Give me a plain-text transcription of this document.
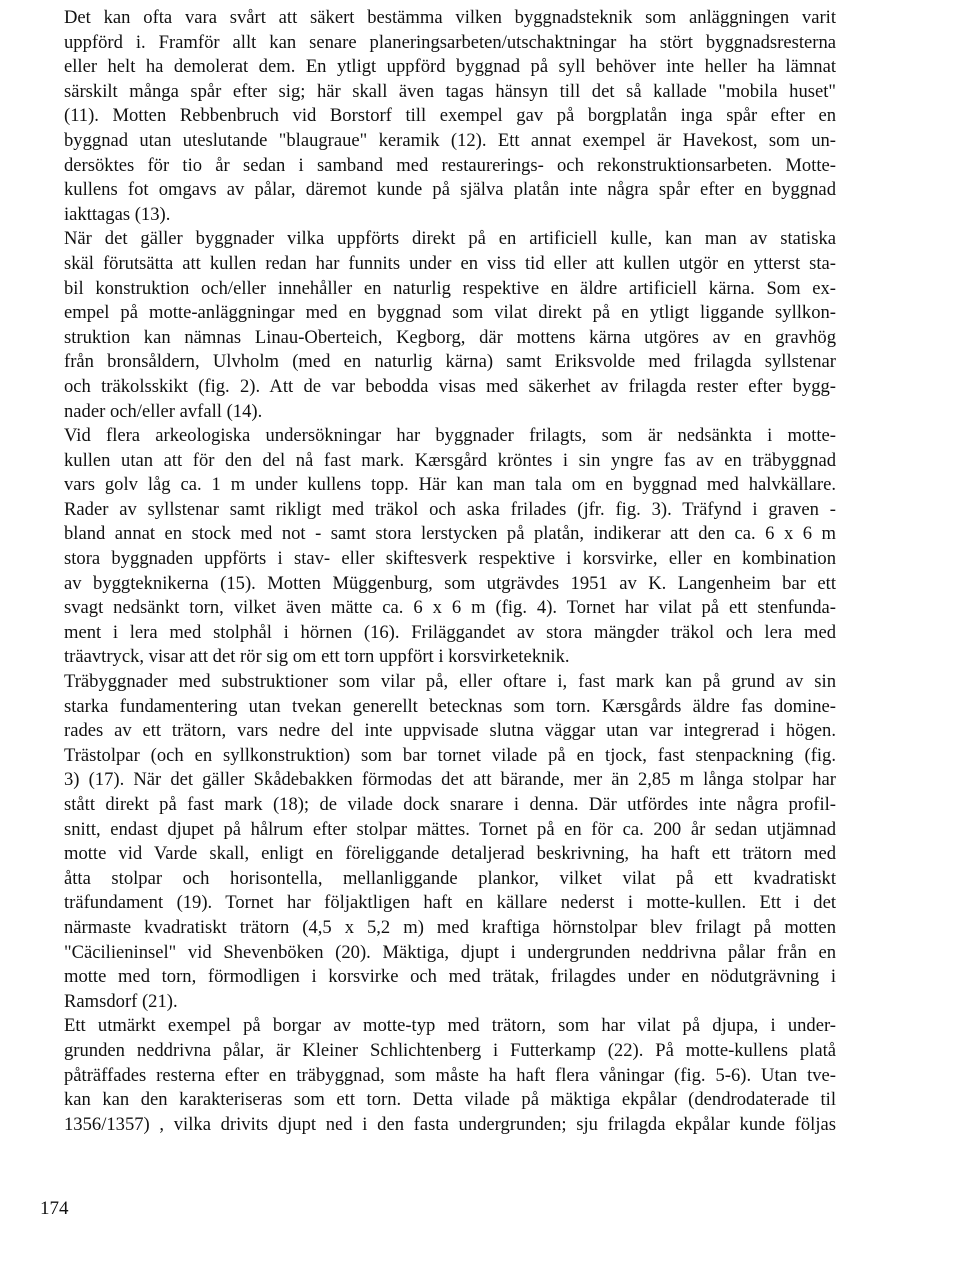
Det kan ofta vara svårt att säkert bestämma vilken byggnadsteknik som anläggningen varit
uppförd i. Framför allt kan senare planeringsarbeten/utschaktningar ha stört byggnadsresterna
eller helt ha demolerat dem. En ytligt uppförd byggnad på syll behöver inte heller ha lämnat
särskilt många spår efter sig; här skall även tagas hänsyn till det så kallade "mobila huset"
(11). Motten Rebbenbruch vid Borstorf till exempel gav på borgplatån inga spår efter en
byggnad utan uteslutande "blaugraue" keramik (12). Ett annat exempel är Havekost, som un-
dersöktes för tio år sedan i samband med restaurerings- och rekonstruktionsarbeten. Motte-
kullens fot omgavs av pålar, däremot kunde på själva platån inte några spår efter en byggnad
iakttagas (13).
När det gäller byggnader vilka uppförts direkt på en artificiell kulle, kan man av statiska
skäl förutsätta att kullen redan har funnits under en viss tid eller att kullen utgör en ytterst sta-
bil konstruktion och/eller innehåller en naturlig respektive en äldre artificiell kärna. Som ex-
empel på motte-anläggningar med en byggnad som vilat direkt på en ytligt liggande syllkon-
struktion kan nämnas Linau-Oberteich, Kegborg, där mottens kärna utgöres av en gravhög
från bronsåldern, Ulvholm (med en naturlig kärna) samt Eriksvolde med frilagda syllstenar
och träkolsskikt (fig. 2). Att de var bebodda visas med säkerhet av frilagda rester efter bygg-
nader och/eller avfall (14).
Vid flera arkeologiska undersökningar har byggnader frilagts, som är nedsänkta i motte-
kullen utan att för den del nå fast mark. Kærsgård kröntes i sin yngre fas av en träbyggnad
vars golv låg ca. 1 m under kullens topp. Här kan man tala om en byggnad med halvkällare.
Rader av syllstenar samt rikligt med träkol och aska frilades (jfr. fig. 3). Träfynd i graven -
bland annat en stock med not - samt stora lerstycken på platån, indikerar att den ca. 6 x 6 m
stora byggnaden uppförts i stav- eller skiftesverk respektive i korsvirke, eller en kombination
av byggteknikerna (15). Motten Müggenburg, som utgrävdes 1951 av K. Langenheim bar ett
svagt nedsänkt torn, vilket även mätte ca. 6 x 6 m (fig. 4). Tornet har vilat på ett stenfunda-
ment i lera med stolphål i hörnen (16). Friläggandet av stora mängder träkol och lera med
träavtryck, visar att det rör sig om ett torn uppfört i korsvirketeknik.
Träbyggnader med substruktioner som vilar på, eller oftare i, fast mark kan på grund av sin
starka fundamentering utan tvekan generellt betecknas som torn. Kærsgårds äldre fas domine-
rades av ett trätorn, vars nedre del inte uppvisade slutna väggar utan var integrerad i högen.
Trästolpar (och en syllkonstruktion) som bar tornet vilade på en tjock, fast stenpackning (fig.
3) (17). När det gäller Skådebakken förmodas det att bärande, mer än 2,85 m långa stolpar har
stått direkt på fast mark (18); de vilade dock snarare i denna. Där utfördes inte några profil-
snitt, endast djupet på hålrum efter stolpar mättes. Tornet på en för ca. 200 år sedan utjämnad
motte vid Varde skall, enligt en föreliggande detaljerad beskrivning, ha haft ett trätorn med
åtta stolpar och horisontella, mellanliggande plankor, vilket vilat på ett kvadratiskt
träfundament (19). Tornet har följaktligen haft en källare nederst i motte-kullen. Ett i det
närmaste kvadratiskt trätorn (4,5 x 5,2 m) med kraftiga hörnstolpar blev frilagt på motten
"Cäcilieninsel" vid Shevenböken (20). Mäktiga, djupt i undergrunden neddrivna pålar från en
motte med torn, förmodligen i korsvirke och med trätak, frilagdes under en nödutgrävning i
Ramsdorf (21).
Ett utmärkt exempel på borgar av motte-typ med trätorn, som har vilat på djupa, i under-
grunden neddrivna pålar, är Kleiner Schlichtenberg i Futterkamp (22). På motte-kullens platå
påträffades resterna efter en träbyggnad, som måste ha haft flera våningar (fig. 5-6). Utan tve-
kan kan den karakteriseras som ett torn. Detta vilade på mäktiga ekpålar (dendrodaterade til
1356/1357) , vilka drivits djupt ned i den fasta undergrunden; sju frilagda ekpålar kunde följas
174
